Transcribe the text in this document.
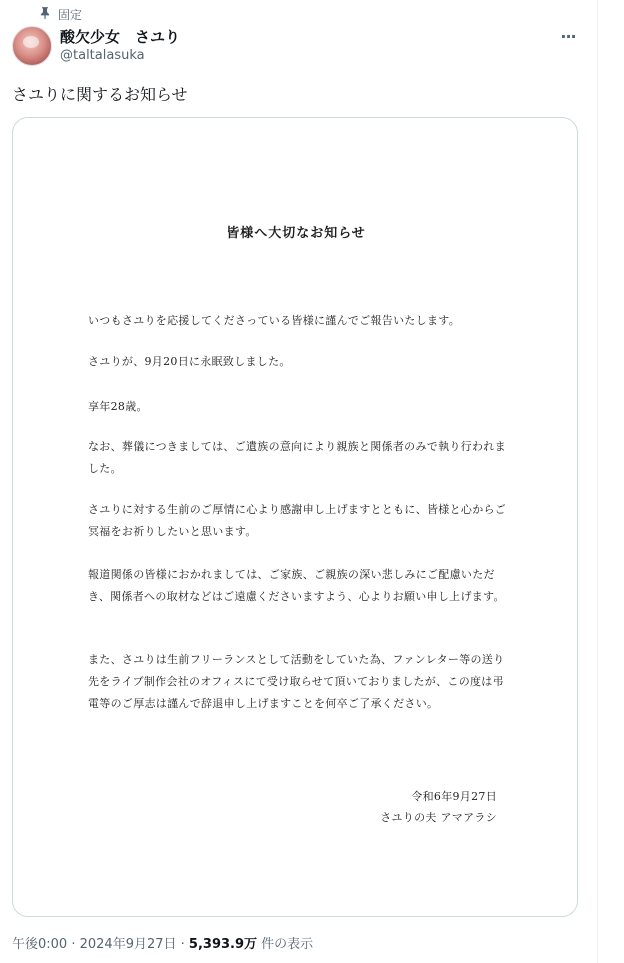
固定
酸欠少女　さユり
@taltalasuka
···
さユりに関するお知らせ
皆様へ大切なお知らせ
いつもさユりを応援してくださっている皆様に謹んでご報告いたします。
さユりが、9月20日に永眠致しました。
享年28歳。
なお、葬儀につきましては、ご遺族の意向により親族と関係者のみで執り行われました。
さユりに対する生前のご厚情に心より感謝申し上げますとともに、皆様と心からご冥福をお祈りしたいと思います。
報道関係の皆様におかれましては、ご家族、ご親族の深い悲しみにご配慮いただき、関係者への取材などはご遠慮くださいますよう、心よりお願い申し上げます。
また、さユりは生前フリーランスとして活動をしていた為、ファンレター等の送り先をライブ制作会社のオフィスにて受け取らせて頂いておりましたが、この度は弔電等のご厚志は謹んで辞退申し上げますことを何卒ご了承ください。
令和6年9月27日
さユりの夫 アマアラシ
午後0:00 · 2024年9月27日 · 5,393.9万 件の表示
